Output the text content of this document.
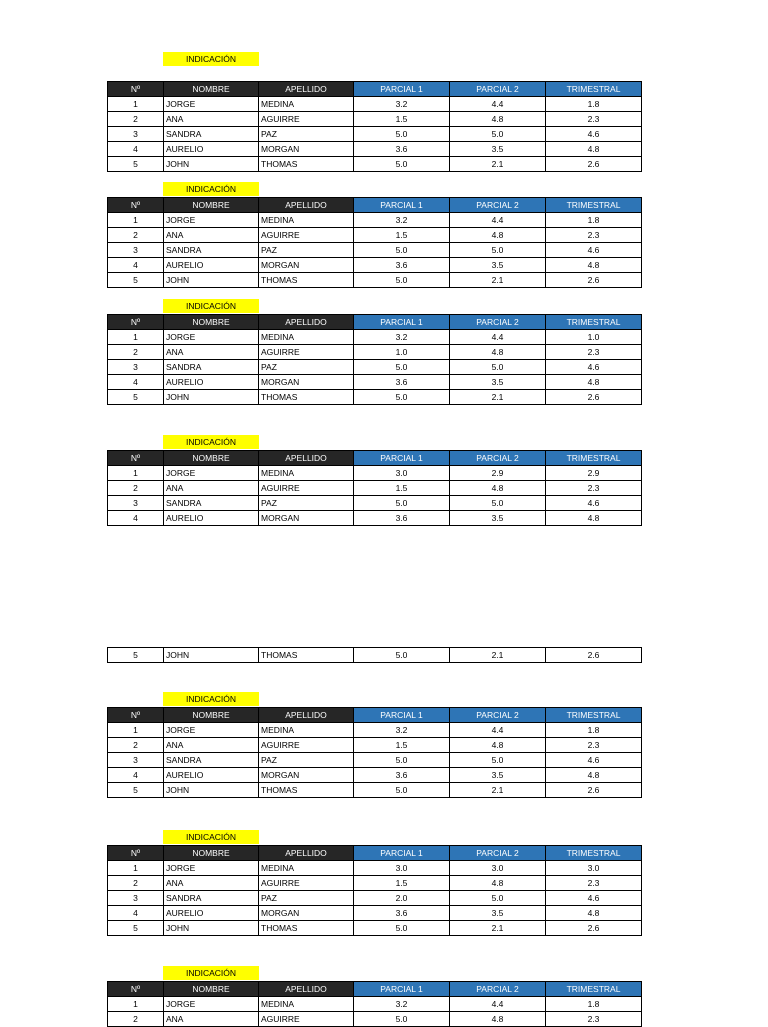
INDICACIÓN
Nº	NOMBRE	APELLIDO	PARCIAL 1	PARCIAL 2	TRIMESTRAL
1	JORGE	MEDINA	3.2	4.4	1.8
2	ANA	AGUIRRE	1.5	4.8	2.3
3	SANDRA	PAZ	5.0	5.0	4.6
4	AURELIO	MORGAN	3.6	3.5	4.8
5	JOHN	THOMAS	5.0	2.1	2.6
INDICACIÓN
Nº	NOMBRE	APELLIDO	PARCIAL 1	PARCIAL 2	TRIMESTRAL
1	JORGE	MEDINA	3.2	4.4	1.8
2	ANA	AGUIRRE	1.5	4.8	2.3
3	SANDRA	PAZ	5.0	5.0	4.6
4	AURELIO	MORGAN	3.6	3.5	4.8
5	JOHN	THOMAS	5.0	2.1	2.6
INDICACIÓN
Nº	NOMBRE	APELLIDO	PARCIAL 1	PARCIAL 2	TRIMESTRAL
1	JORGE	MEDINA	3.2	4.4	1.0
2	ANA	AGUIRRE	1.0	4.8	2.3
3	SANDRA	PAZ	5.0	5.0	4.6
4	AURELIO	MORGAN	3.6	3.5	4.8
5	JOHN	THOMAS	5.0	2.1	2.6
INDICACIÓN
Nº	NOMBRE	APELLIDO	PARCIAL 1	PARCIAL 2	TRIMESTRAL
1	JORGE	MEDINA	3.0	2.9	2.9
2	ANA	AGUIRRE	1.5	4.8	2.3
3	SANDRA	PAZ	5.0	5.0	4.6
4	AURELIO	MORGAN	3.6	3.5	4.8
5	JOHN	THOMAS	5.0	2.1	2.6
INDICACIÓN
Nº	NOMBRE	APELLIDO	PARCIAL 1	PARCIAL 2	TRIMESTRAL
1	JORGE	MEDINA	3.2	4.4	1.8
2	ANA	AGUIRRE	1.5	4.8	2.3
3	SANDRA	PAZ	5.0	5.0	4.6
4	AURELIO	MORGAN	3.6	3.5	4.8
5	JOHN	THOMAS	5.0	2.1	2.6
INDICACIÓN
Nº	NOMBRE	APELLIDO	PARCIAL 1	PARCIAL 2	TRIMESTRAL
1	JORGE	MEDINA	3.0	3.0	3.0
2	ANA	AGUIRRE	1.5	4.8	2.3
3	SANDRA	PAZ	2.0	5.0	4.6
4	AURELIO	MORGAN	3.6	3.5	4.8
5	JOHN	THOMAS	5.0	2.1	2.6
INDICACIÓN
Nº	NOMBRE	APELLIDO	PARCIAL 1	PARCIAL 2	TRIMESTRAL
1	JORGE	MEDINA	3.2	4.4	1.8
2	ANA	AGUIRRE	5.0	4.8	2.3
